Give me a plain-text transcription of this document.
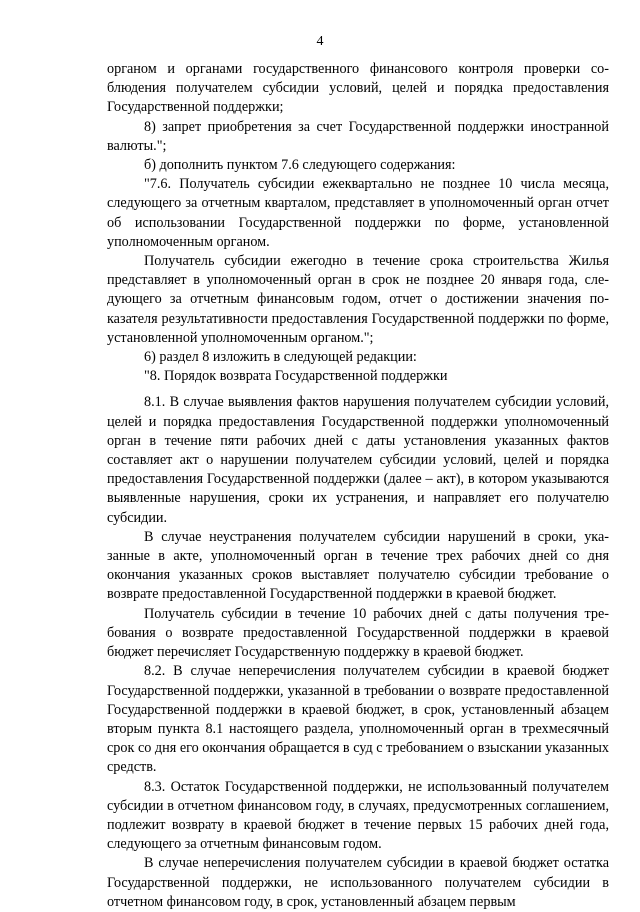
4

органом и органами государственного финансового контроля проверки соблюдения получателем субсидии условий, целей и порядка предоставления Государственной поддержки;

8) запрет приобретения за счет Государственной поддержки иностранной валюты.";

б) дополнить пунктом 7.6 следующего содержания:

"7.6. Получатель субсидии ежеквартально не позднее 10 числа месяца, следующего за отчетным кварталом, представляет в уполномоченный орган отчет об использовании Государственной поддержки по форме, установленной уполномоченным органом.

Получатель субсидии ежегодно в течение срока строительства Жилья представляет в уполномоченный орган в срок не позднее 20 января года, следующего за отчетным финансовым годом, отчет о достижении значения показателя результативности предоставления Государственной поддержки по форме, установленной уполномоченным органом.";

6) раздел 8 изложить в следующей редакции:

"8. Порядок возврата Государственной поддержки

8.1. В случае выявления фактов нарушения получателем субсидии условий, целей и порядка предоставления Государственной поддержки уполномоченный орган в течение пяти рабочих дней с даты установления указанных фактов составляет акт о нарушении получателем субсидии условий, целей и порядка предоставления Государственной поддержки (далее – акт), в котором указываются выявленные нарушения, сроки их устранения, и направляет его получателю субсидии.

В случае неустранения получателем субсидии нарушений в сроки, указанные в акте, уполномоченный орган в течение трех рабочих дней со дня окончания указанных сроков выставляет получателю субсидии требование о возврате предоставленной Государственной поддержки в краевой бюджет.

Получатель субсидии в течение 10 рабочих дней с даты получения требования о возврате предоставленной Государственной поддержки в краевой бюджет перечисляет Государственную поддержку в краевой бюджет.

8.2. В случае неперечисления получателем субсидии в краевой бюджет Государственной поддержки, указанной в требовании о возврате предоставленной Государственной поддержки в краевой бюджет, в срок, установленный абзацем вторым пункта 8.1 настоящего раздела, уполномоченный орган в трехмесячный срок со дня его окончания обращается в суд с требованием о взыскании указанных средств.

8.3. Остаток Государственной поддержки, не использованный получателем субсидии в отчетном финансовом году, в случаях, предусмотренных соглашением, подлежит возврату в краевой бюджет в течение первых 15 рабочих дней года, следующего за отчетным финансовым годом.

В случае неперечисления получателем субсидии в краевой бюджет остатка Государственной поддержки, не использованного получателем субсидии в отчетном финансовом году, в срок, установленный абзацем первым
